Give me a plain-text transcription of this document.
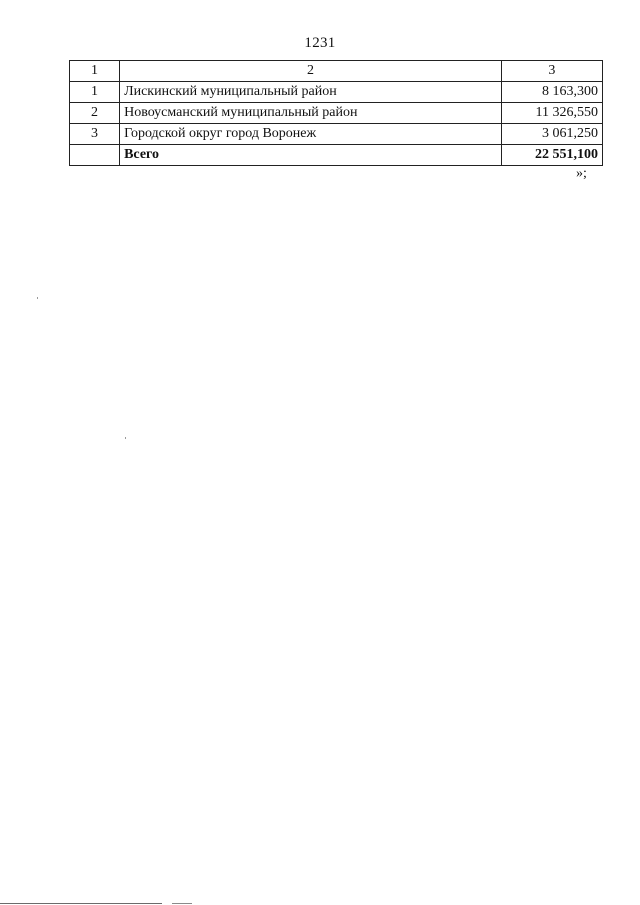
1231
1	2	3
1	Лискинский муниципальный район	8 163,300
2	Новоусманский муниципальный район	11 326,550
3	Городской округ город Воронеж	3 061,250
	Всего	22 551,100
»;
